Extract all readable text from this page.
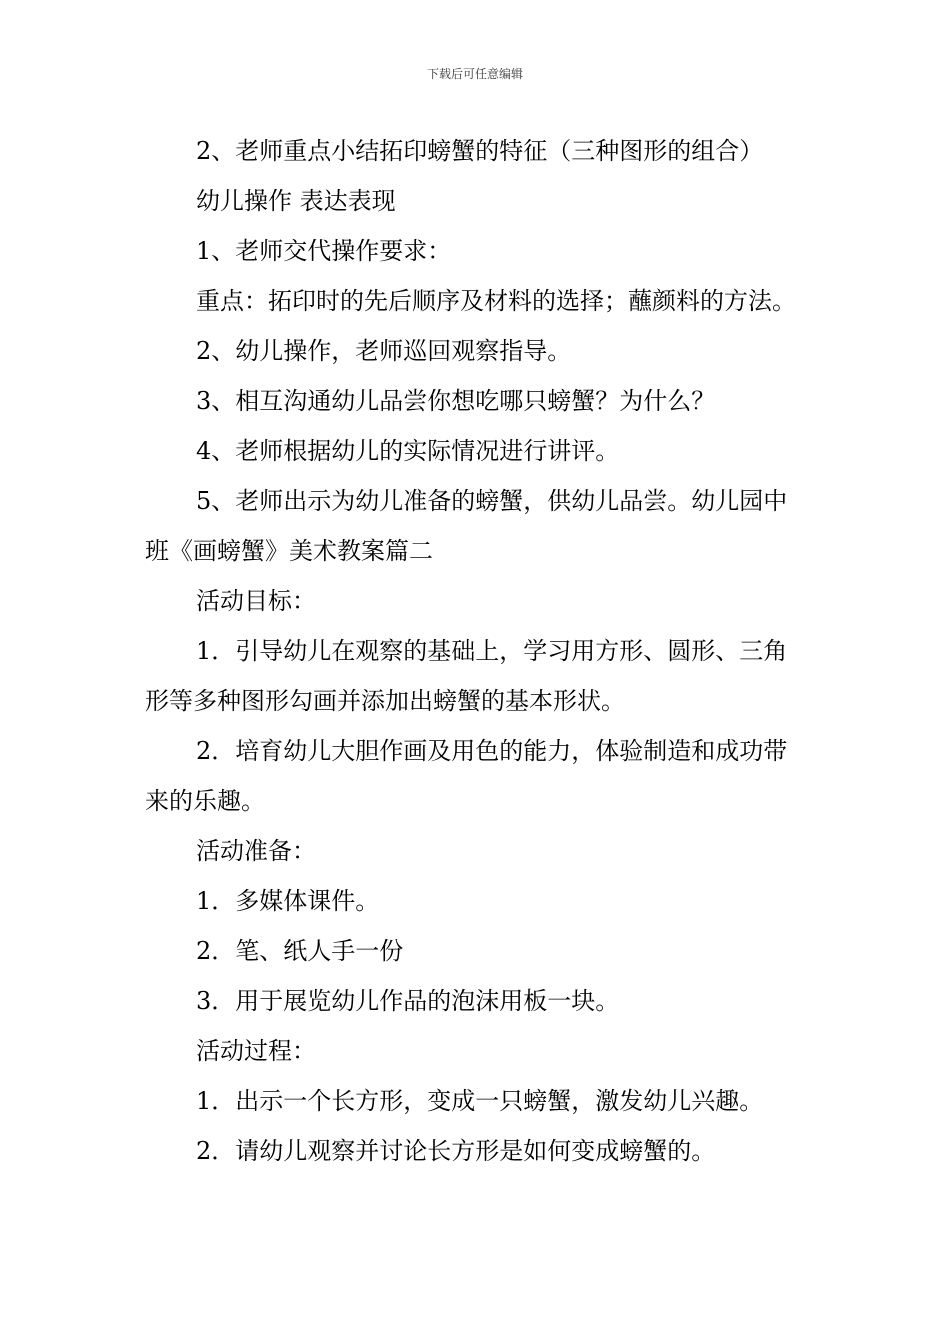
下载后可任意编辑

2、老师重点小结拓印螃蟹的特征（三种图形的组合）

幼儿操作 表达表现

1、老师交代操作要求：

重点：拓印时的先后顺序及材料的选择；蘸颜料的方法。

2、幼儿操作，老师巡回观察指导。

3、相互沟通幼儿品尝你想吃哪只螃蟹？为什么？

4、老师根据幼儿的实际情况进行讲评。

5、老师出示为幼儿准备的螃蟹，供幼儿品尝。幼儿园中班《画螃蟹》美术教案篇二

活动目标：

1．引导幼儿在观察的基础上，学习用方形、圆形、三角形等多种图形勾画并添加出螃蟹的基本形状。

2．培育幼儿大胆作画及用色的能力，体验制造和成功带来的乐趣。

活动准备：

1．多媒体课件。

2．笔、纸人手一份

3．用于展览幼儿作品的泡沫用板一块。

活动过程：

1．出示一个长方形，变成一只螃蟹，激发幼儿兴趣。

2．请幼儿观察并讨论长方形是如何变成螃蟹的。
